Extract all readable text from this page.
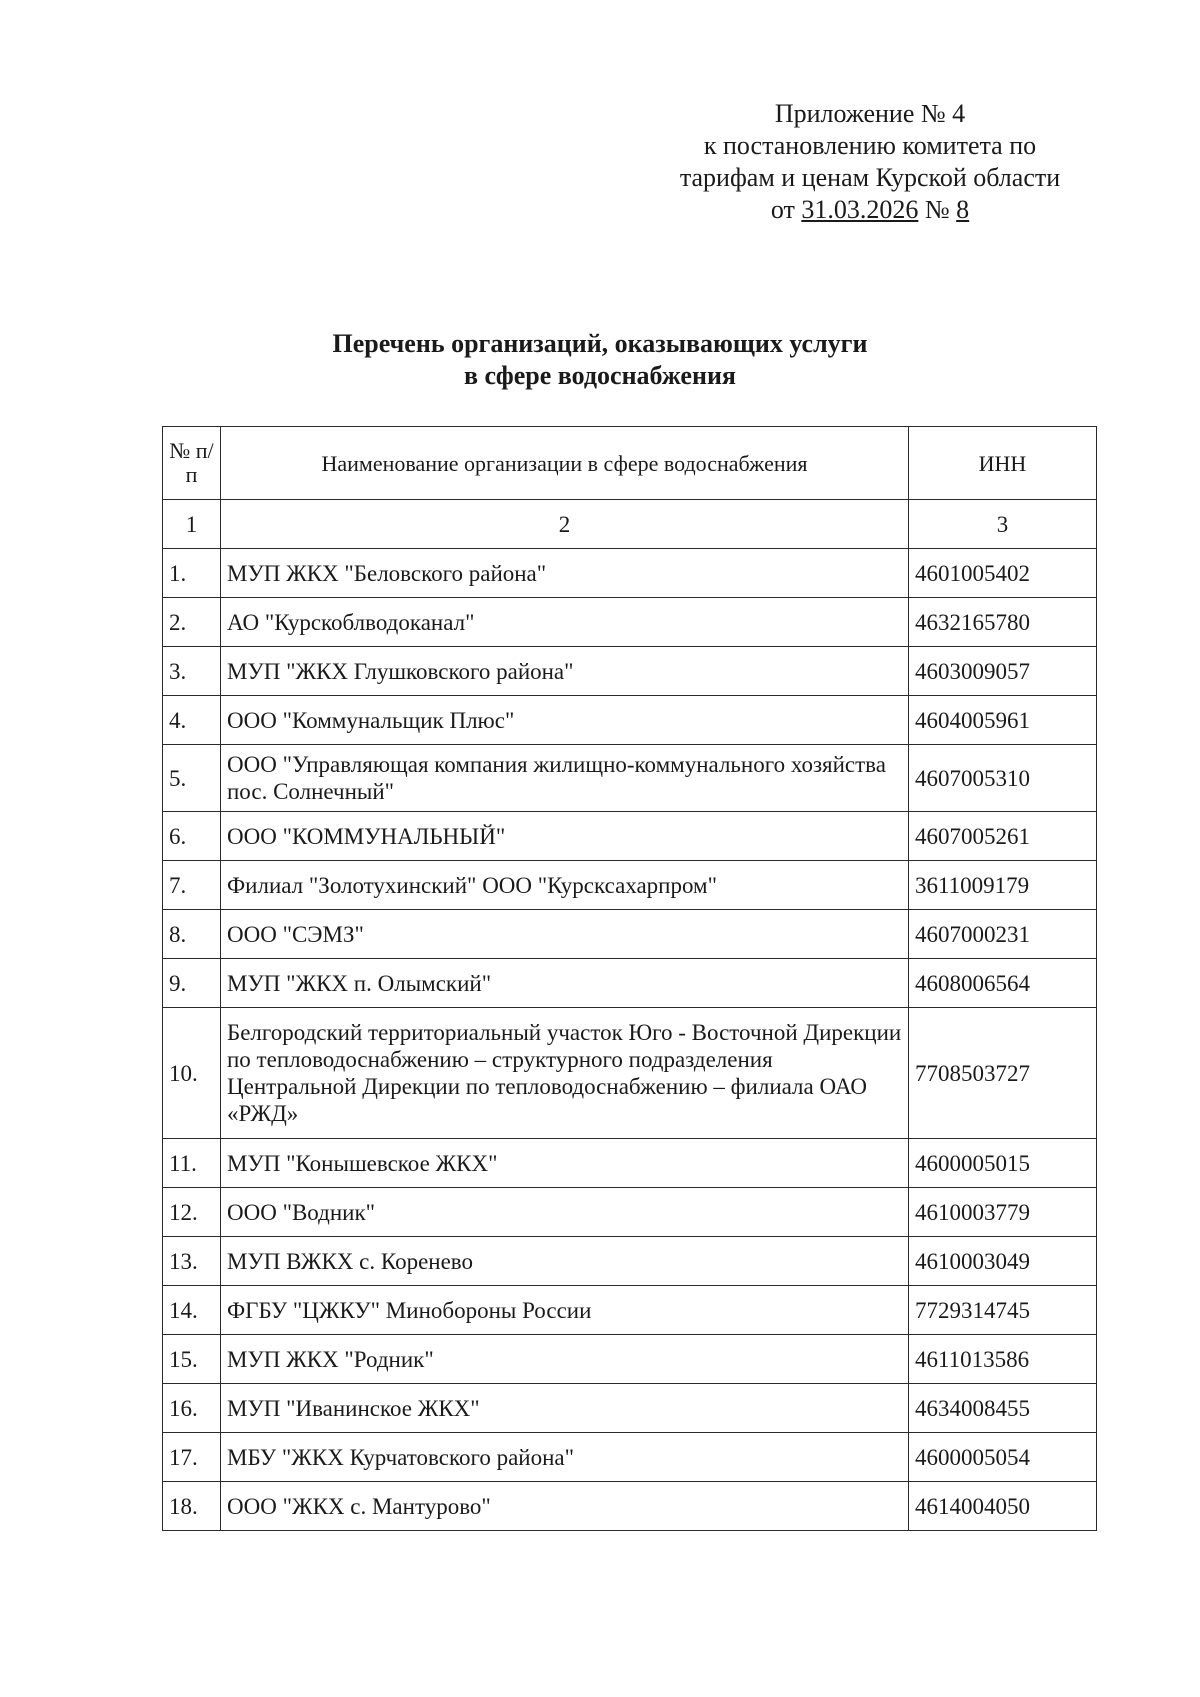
Приложение № 4
к постановлению комитета по
тарифам и ценам Курской области
от 31.03.2026 № 8
Перечень организаций, оказывающих услуги
в сфере водоснабжения
№ п/п	Наименование организации в сфере водоснабжения	ИНН
1	2	3
1.	МУП ЖКХ "Беловского района"	4601005402
2.	АО "Курскоблводоканал"	4632165780
3.	МУП "ЖКХ Глушковского района"	4603009057
4.	ООО "Коммунальщик Плюс"	4604005961
5.	ООО "Управляющая компания жилищно-коммунального хозяйства пос. Солнечный"	4607005310
6.	ООО "КОММУНАЛЬНЫЙ"	4607005261
7.	Филиал "Золотухинский" ООО "Курсксахарпром"	3611009179
8.	ООО "СЭМЗ"	4607000231
9.	МУП "ЖКХ п. Олымский"	4608006564
10.	Белгородский территориальный участок Юго - Восточной Дирекции по тепловодоснабжению – структурного подразделения Центральной Дирекции по тепловодоснабжению – филиала ОАО «РЖД»	7708503727
11.	МУП "Конышевское ЖКХ"	4600005015
12.	ООО "Водник"	4610003779
13.	МУП ВЖКХ с. Коренево	4610003049
14.	ФГБУ "ЦЖКУ" Минобороны России	7729314745
15.	МУП ЖКХ "Родник"	4611013586
16.	МУП "Иванинское ЖКХ"	4634008455
17.	МБУ "ЖКХ Курчатовского района"	4600005054
18.	ООО "ЖКХ с. Мантурово"	4614004050
